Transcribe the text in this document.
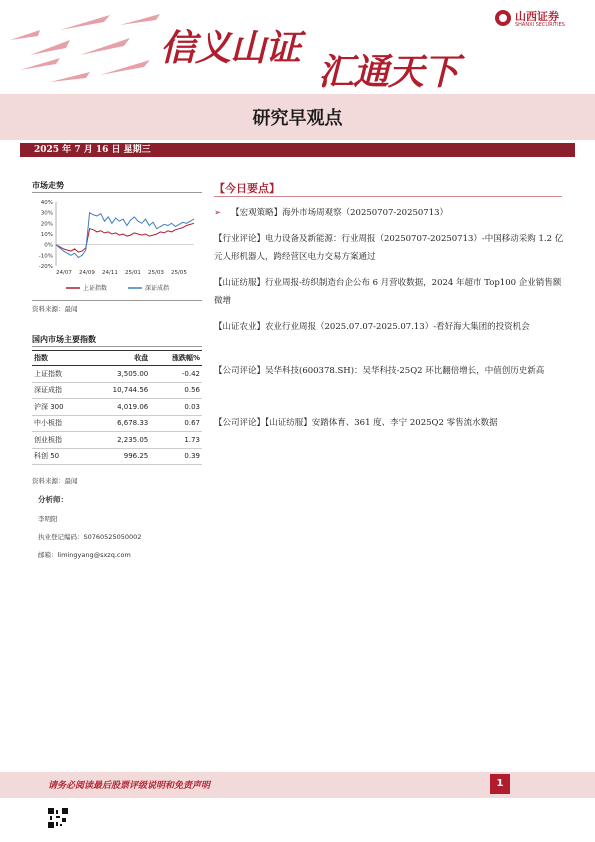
信义山证
汇通天下
山西证券
SHANXI SECURITIES
研究早观点
2025 年 7 月 16 日 星期三
市场走势
40%
30%
20%
10%
0%
-10%
-20%
24/07 24/09 24/11 25/01 25/03 25/05
上证指数	深证成指
资料来源：最闻
国内市场主要指数
指数	收盘	涨跌幅%
上证指数	3,505.00	-0.42
深证成指	10,744.56	0.56
沪深 300	4,019.06	0.03
中小板指	6,678.33	0.67
创业板指	2,235.05	1.73
科创 50	996.25	0.39
资料来源：最闻
分析师：
李明阳
执业登记编码：S0760525050002
邮箱：limingyang@sxzq.com
【今日要点】
➢ 【宏观策略】海外市场周观察（20250707-20250713）
【行业评论】电力设备及新能源：行业周报（20250707-20250713）-中国移动采购 1.2 亿元人形机器人，跨经营区电力交易方案通过
【山证纺服】行业周报-纺织制造台企公布 6 月营收数据，2024 年超市 Top100 企业销售额微增
【山证农业】农业行业周报（2025.07.07-2025.07.13）-看好海大集团的投资机会
【公司评论】吴华科技(600378.SH)：吴华科技-25Q2 环比翻倍增长，中值创历史新高
【公司评论】【山证纺服】安踏体育、361 度、李宁 2025Q2 零售流水数据
请务必阅读最后股票评级说明和免责声明	1
